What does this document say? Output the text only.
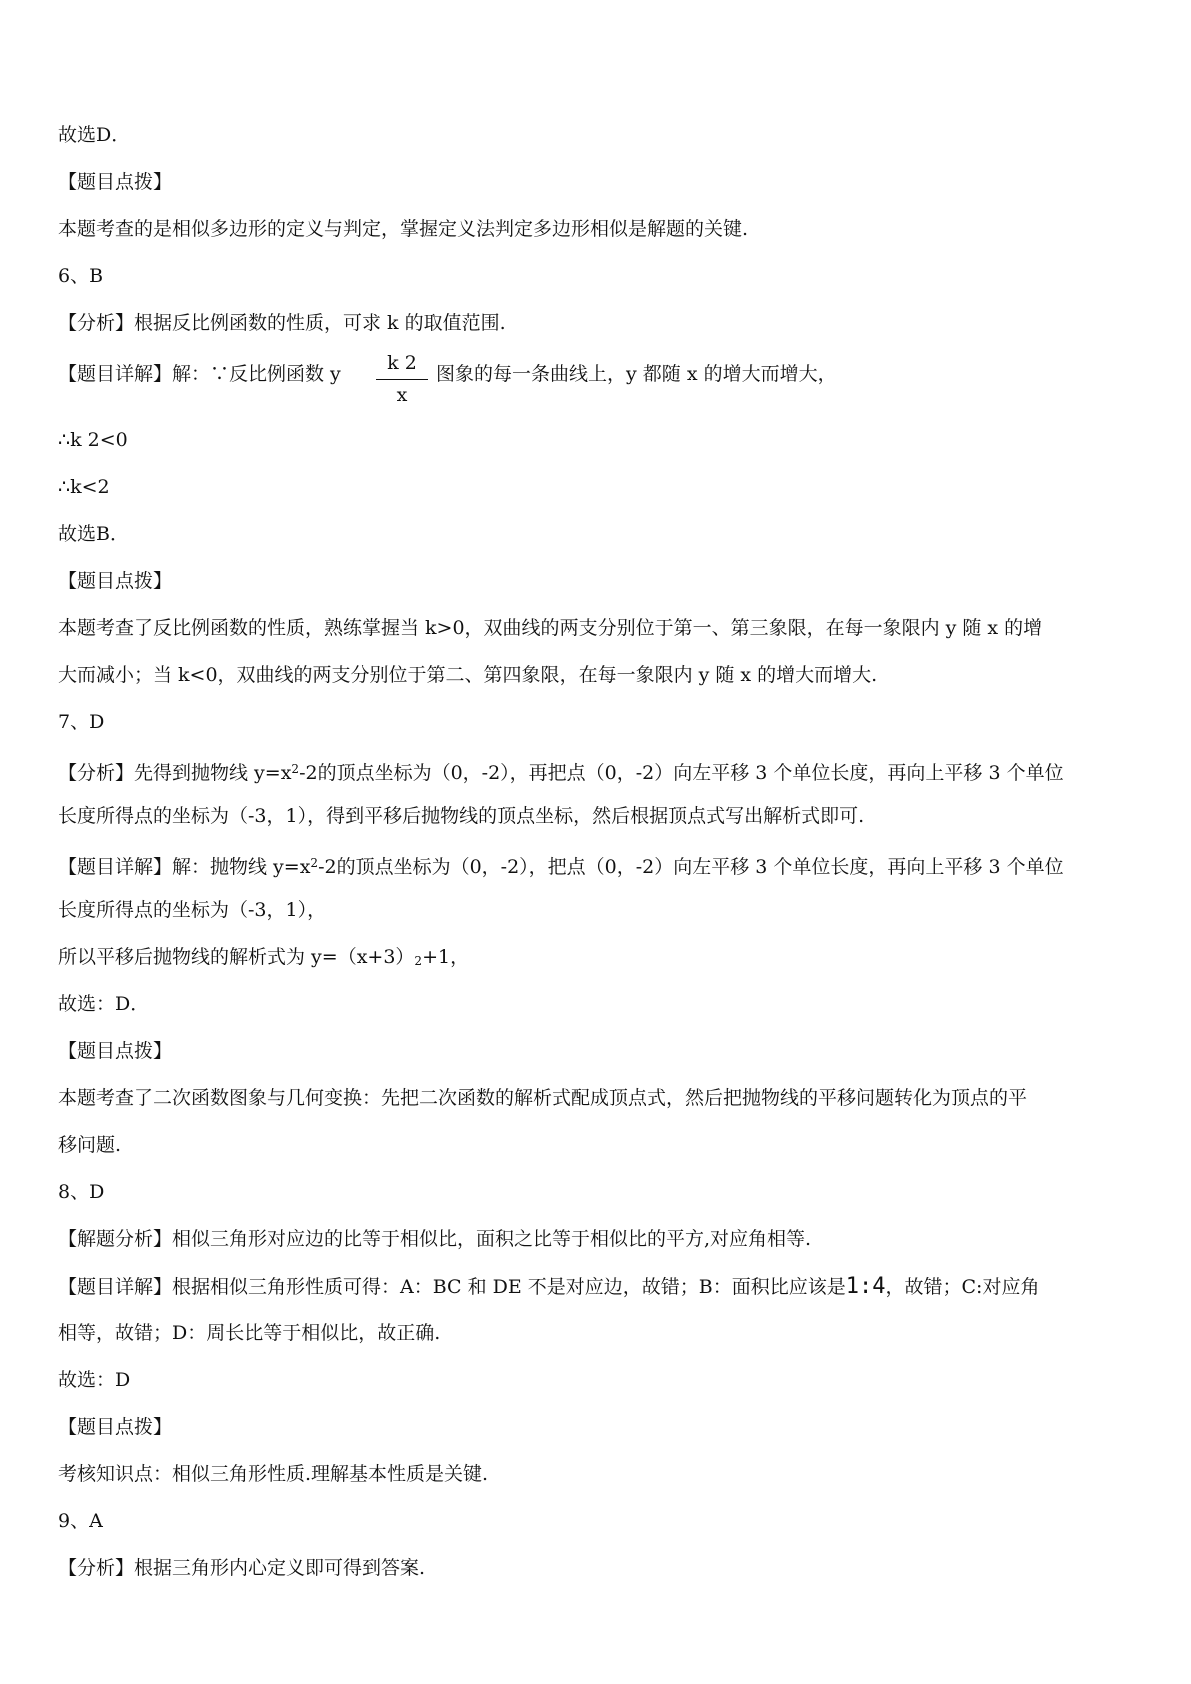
故选D．
【题目点拨】
本题考查的是相似多边形的定义与判定，掌握定义法判定多边形相似是解题的关键.
6、B
【分析】根据反比例函数的性质，可求 k 的取值范围.
【题目详解】解：∵反比例函数 y $\frac{k 2}{x}$ 图象的每一条曲线上，y 都随 x 的增大而增大，
∴k 2<0
∴k<2
故选B．
【题目点拨】
本题考查了反比例函数的性质，熟练掌握当 k>0，双曲线的两支分别位于第一、第三象限，在每一象限内 y 随 x 的增
大而减小；当 k<0，双曲线的两支分别位于第二、第四象限，在每一象限内 y 随 x 的增大而增大.
7、D
【分析】先得到抛物线 $y=x^2-2$的顶点坐标为（0，-2），再把点（0，-2）向左平移 3 个单位长度，再向上平移 3 个单位
长度所得点的坐标为（-3，1），得到平移后抛物线的顶点坐标，然后根据顶点式写出解析式即可.
【题目详解】解：抛物线 $y=x^2-2$的顶点坐标为（0，-2），把点（0，-2）向左平移 3 个单位长度，再向上平移 3 个单位
长度所得点的坐标为（-3，1），
所以平移后抛物线的解析式为 $y=(x+3)_2+1$，
故选：D．
【题目点拨】
本题考查了二次函数图象与几何变换：先把二次函数的解析式配成顶点式，然后把抛物线的平移问题转化为顶点的平
移问题.
8、D
【解题分析】相似三角形对应边的比等于相似比，面积之比等于相似比的平方,对应角相等.
【题目详解】根据相似三角形性质可得：A：BC 和 DE 不是对应边，故错；B：面积比应该是1:4，故错；C:对应角
相等，故错；D：周长比等于相似比，故正确.
故选：D
【题目点拨】
考核知识点：相似三角形性质.理解基本性质是关键.
9、A
【分析】根据三角形内心定义即可得到答案.
